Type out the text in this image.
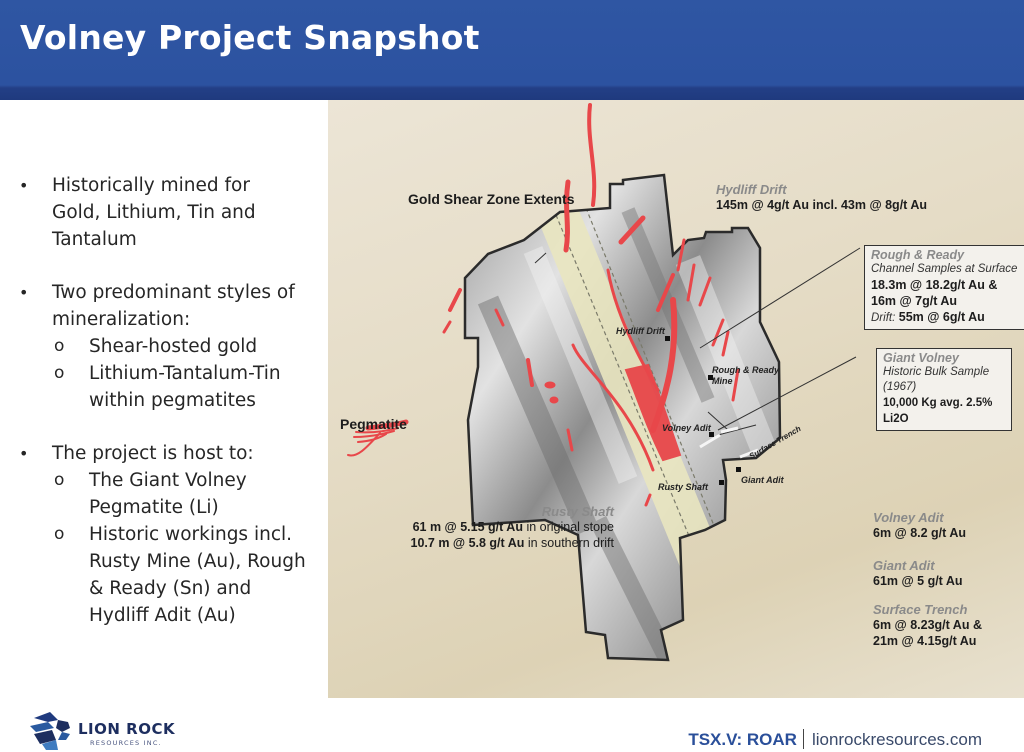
Volney Project Snapshot
• Historically mined for
Gold, Lithium, Tin and
Tantalum
• Two predominant styles of
mineralization:
o Shear-hosted gold
o Lithium-Tantalum-Tin
within pegmatites
• The project is host to:
o The Giant Volney
Pegmatite (Li)
o Historic workings incl.
Rusty Mine (Au), Rough
& Ready (Sn) and
Hydliff Adit (Au)
Gold Shear Zone Extents
Pegmatite
Hydliff Drift
145m @ 4g/t Au incl. 43m @ 8g/t Au
Rough & Ready
Channel Samples at Surface
18.3m @ 18.2g/t Au &
16m @ 7g/t Au
Drift: 55m @ 6g/t Au
Giant Volney
Historic Bulk Sample (1967)
10,000 Kg avg. 2.5% Li2O
Rusty Shaft
61 m @ 5.15 g/t Au in original stope
10.7 m @ 5.8 g/t Au in southern drift
Volney Adit
6m @ 8.2 g/t Au
Giant Adit
61m @ 5 g/t Au
Surface Trench
6m @ 8.23g/t Au &
21m @ 4.15g/t Au
Hydliff Drift
Rough & Ready
Mine
Volney Adit	Surface Trench
Rusty Shaft
Giant Adit
LION ROCK
RESOURCES INC.	TSX.V: ROAR lionrockresources.com
